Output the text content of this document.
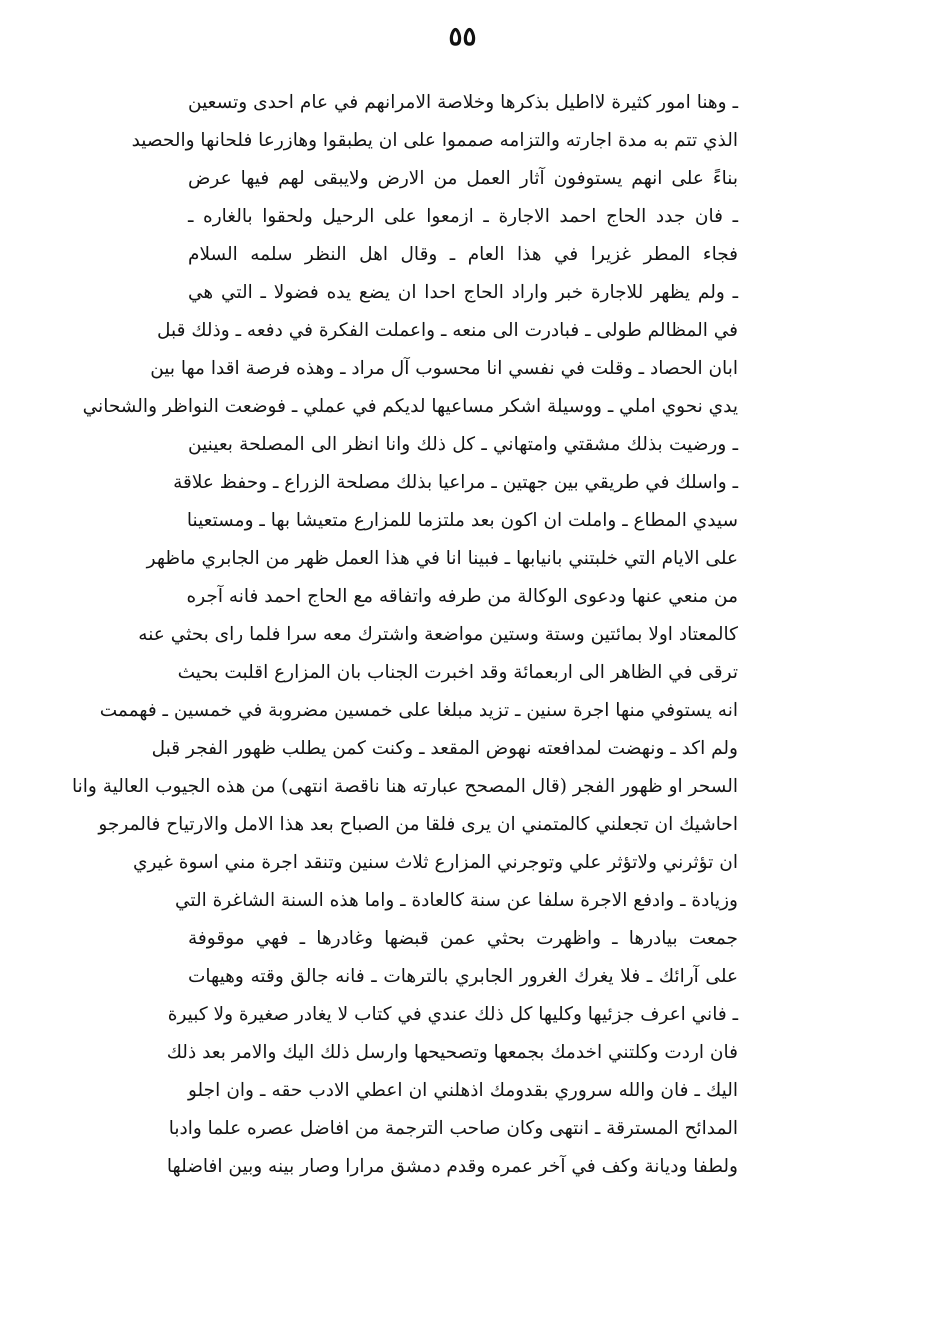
٥٥
ـ وهنا امور كثيرة لااطيل بذكرها وخلاصة الامرانهم في عام احدى وتسعين
الذي تتم به مدة اجارته والتزامه صمموا على ان يطبقوا وهازرعا فلحانها والحصيد
بناءً على انهم يستوفون آثار العمل من الارض ولايبقى لهم فيها عرض
ـ فان جدد الحاج احمد الاجارة ـ ازمعوا على الرحيل ولحقوا بالغاره ـ
فجاء المطر غزيرا في هذا العام ـ وقال اهل النظر سلمه السلام
ـ ولم يظهر للاجارة خبر واراد الحاج احدا ان يضع يده فضولا ـ التي هي
في المظالم طولى ـ فبادرت الى منعه ـ واعملت الفكرة في دفعه ـ وذلك قبل
ابان الحصاد ـ وقلت في نفسي انا محسوب آل مراد ـ وهذه فرصة اقدا مها بين
يدي نحوي املي ـ ووسيلة اشكر مساعيها لديكم في عملي ـ فوضعت النواظر والشحاني
ـ ورضيت بذلك مشقتي وامتهاني ـ كل ذلك وانا انظر الى المصلحة بعينين
ـ واسلك في طريقي بين جهتين ـ مراعيا بذلك مصلحة الزراع ـ وحفظ علاقة
سيدي المطاع ـ واملت ان اكون بعد ملتزما للمزارع متعيشا بها ـ ومستعينا
على الايام التي خلبتني بانيابها ـ فبينا انا في هذا العمل ظهر من الجابري ماظهر
من منعي عنها ودعوى الوكالة من طرفه واتفاقه مع الحاج احمد فانه آجره
كالمعتاد اولا بمائتين وستة وستين مواضعة واشترك معه سرا فلما راى بحثي عنه
ترقى في الظاهر الى اربعمائة وقد اخبرت الجناب بان المزارع اقلبت بحيث
انه يستوفي منها اجرة سنين ـ تزيد مبلغا على خمسين مضروبة في خمسين ـ فهممت
ولم اكد ـ ونهضت لمدافعته نهوض المقعد ـ وكنت كمن يطلب ظهور الفجر قبل
السحر او ظهور الفجر (قال المصحح عبارته هنا ناقصة انتهى) من هذه الجيوب العالية وانا
احاشيك ان تجعلني كالمتمني ان يرى فلقا من الصباح بعد هذا الامل والارتياح فالمرجو
ان تؤثرني ولاتؤثر علي وتوجرني المزارع ثلاث سنين وتنقد اجرة مني اسوة غيري
وزيادة ـ وادفع الاجرة سلفا عن سنة كالعادة ـ واما هذه السنة الشاغرة التي
جمعت بيادرها ـ واظهرت بحثي عمن قبضها وغادرها ـ فهي موقوفة
على آرائك ـ فلا يغرك الغرور الجابري بالترهات ـ فانه جالق وقته وهيهات
ـ فاني اعرف جزئيها وكليها كل ذلك عندي في كتاب لا يغادر صغيرة ولا كبيرة
فان اردت وكلتني اخدمك بجمعها وتصحيحها وارسل ذلك اليك والامر بعد ذلك
اليك ـ فان والله سروري بقدومك اذهلني ان اعطي الادب حقه ـ وان اجلو
المدائح المسترقة ـ انتهى وكان صاحب الترجمة من افاضل عصره علما وادبا
ولطفا وديانة وكف في آخر عمره وقدم دمشق مرارا وصار بينه وبين افاضلها
